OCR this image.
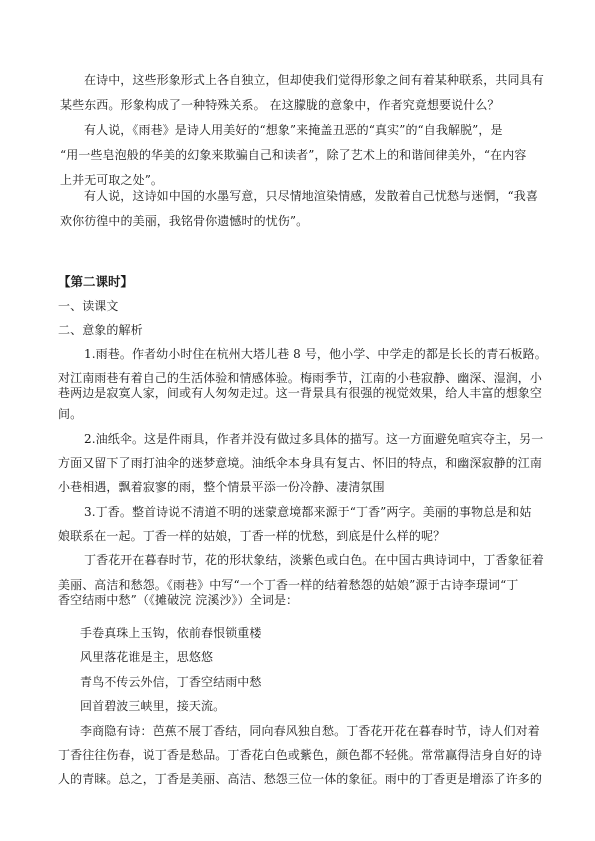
在诗中，这些形象形式上各自独立，但却使我们觉得形象之间有着某种联系，共同具有

某些东西。形象构成了一种特殊关系。 在这朦胧的意象中，作者究竟想要说什么？

有人说，《雨巷》是诗人用美好的“想象”来掩盖丑恶的“真实”的“自我解脱”，是

“用一些皂泡般的华美的幻象来欺骗自己和读者”，除了艺术上的和谐间律美外，“在内容

上并无可取之处”。

有人说，这诗如中国的水墨写意，只尽情地渲染情感，发散着自己忧愁与迷惘，“我喜

欢你彷徨中的美丽，我铭骨你遗憾时的忧伤”。

【第二课时】

一、读课文

二、意象的解析

1.雨巷。作者幼小时住在杭州大塔儿巷 8 号，他小学、中学走的都是长长的青石板路。

对江南雨巷有着自己的生活体验和情感体验。梅雨季节，江南的小巷寂静、幽深、湿润，小

巷两边是寂寞人家，间或有人匆匆走过。这一背景具有很强的视觉效果，给人丰富的想象空

间。

2.油纸伞。这是件雨具，作者并没有做过多具体的描写。这一方面避免喧宾夺主，另一

方面又留下了雨打油伞的迷梦意境。油纸伞本身具有复古、怀旧的特点，和幽深寂静的江南

小巷相遇，飘着寂寥的雨，整个情景平添一份冷静、凄清氛围

3.丁香。整首诗说不清道不明的迷蒙意境都来源于“丁香”两字。美丽的事物总是和姑

娘联系在一起。丁香一样的姑娘，丁香一样的忧愁，到底是什么样的呢？

丁香花开在暮春时节，花的形状象结，淡紫色或白色。在中国古典诗词中，丁香象征着

美丽、高洁和愁怨。《雨巷》中写“一个丁香一样的结着愁怨的姑娘”源于古诗李璟词“丁

香空结雨中愁”（《摊破浣 浣溪沙》）全词是：

手卷真珠上玉钩，依前春恨锁重楼

风里落花谁是主，思悠悠

青鸟不传云外信，丁香空结雨中愁

回首碧波三峡里，接天流。

李商隐有诗：芭蕉不展丁香结，同向春风独自愁。丁香花开花在暮春时节，诗人们对着

丁香往往伤春，说丁香是愁品。丁香花白色或紫色，颜色都不轻佻。常常赢得洁身自好的诗

人的青睐。总之，丁香是美丽、高洁、愁怨三位一体的象征。雨中的丁香更是增添了许多的
